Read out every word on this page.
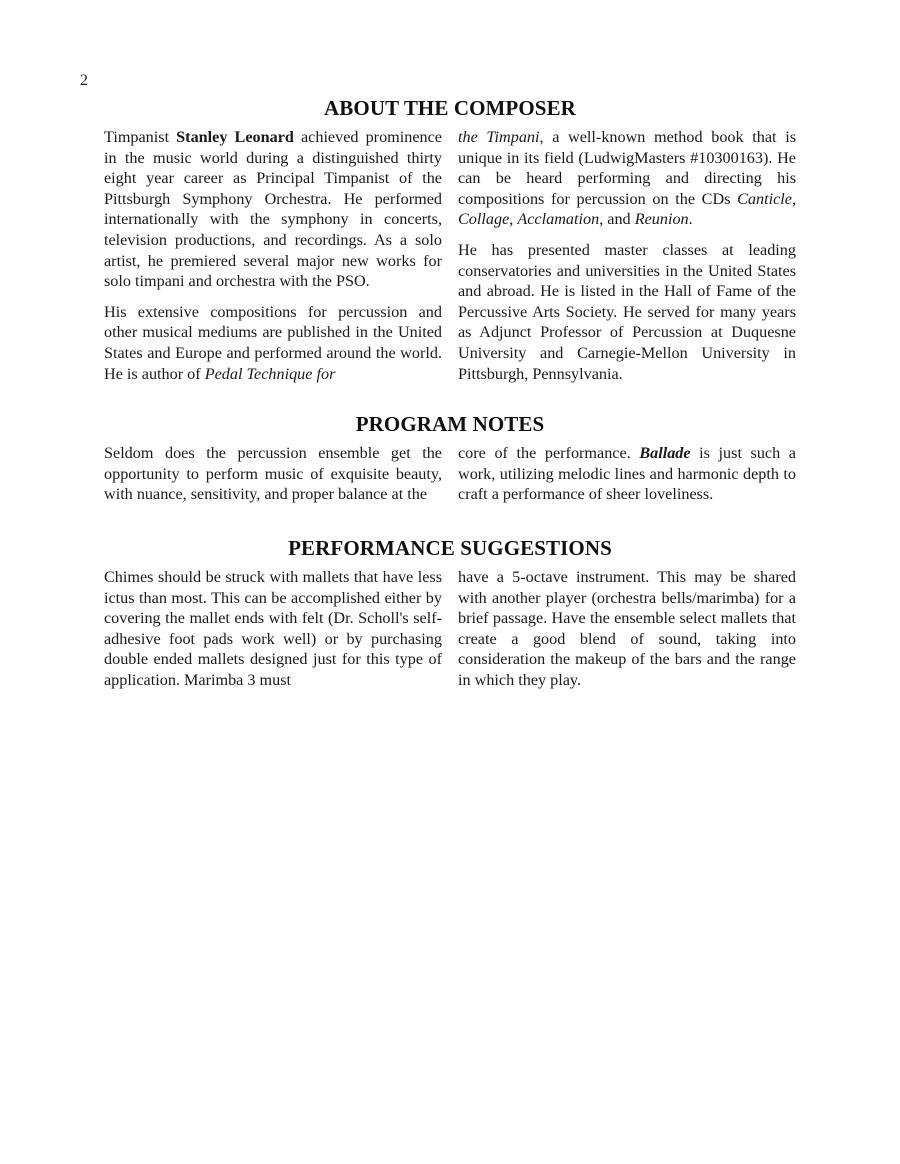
2
ABOUT THE COMPOSER

Timpanist Stanley Leonard achieved prominence in the music world during a distinguished thirty eight year career as Principal Timpanist of the Pittsburgh Symphony Orchestra. He performed internationally with the symphony in concerts, television productions, and recordings. As a solo artist, he premiered several major new works for solo timpani and orchestra with the PSO.

His extensive compositions for percussion and other musical mediums are published in the United States and Europe and performed around the world. He is author of Pedal Technique for

the Timpani, a well-known method book that is unique in its field (LudwigMasters #10300163). He can be heard performing and directing his compositions for percussion on the CDs Canticle, Collage, Acclamation, and Reunion.

He has presented master classes at leading conservatories and universities in the United States and abroad. He is listed in the Hall of Fame of the Percussive Arts Society. He served for many years as Adjunct Professor of Percussion at Duquesne University and Carnegie-Mellon University in Pittsburgh, Pennsylvania.

PROGRAM NOTES

Seldom does the percussion ensemble get the opportunity to perform music of exquisite beauty, with nuance, sensitivity, and proper balance at the

core of the performance. Ballade is just such a work, utilizing melodic lines and harmonic depth to craft a performance of sheer loveliness.

PERFORMANCE SUGGESTIONS

Chimes should be struck with mallets that have less ictus than most. This can be accomplished either by covering the mallet ends with felt (Dr. Scholl's self-adhesive foot pads work well) or by purchasing double ended mallets designed just for this type of application. Marimba 3 must

have a 5-octave instrument. This may be shared with another player (orchestra bells/marimba) for a brief passage. Have the ensemble select mallets that create a good blend of sound, taking into consideration the makeup of the bars and the range in which they play.
